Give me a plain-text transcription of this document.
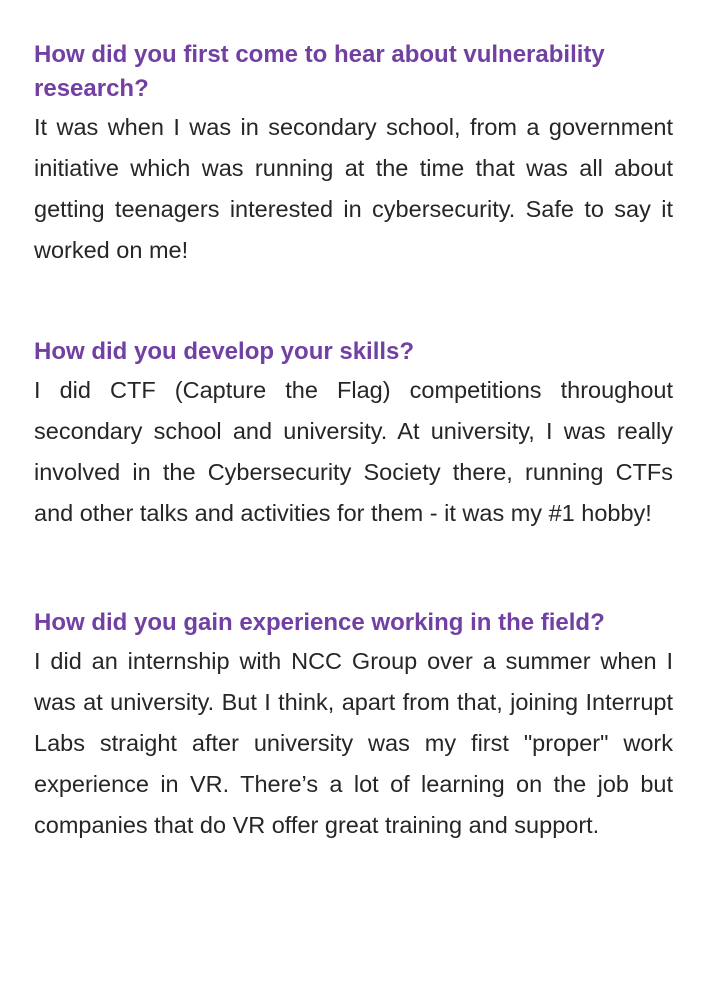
How did you first come to hear about vulnerability research?

It was when I was in secondary school, from a government initiative which was running at the time that was all about getting teenagers interested in cybersecurity. Safe to say it worked on me!

How did you develop your skills?

I did CTF (Capture the Flag) competitions throughout secondary school and university. At university, I was really involved in the Cybersecurity Society there, running CTFs and other talks and activities for them - it was my #1 hobby!

How did you gain experience working in the field?

I did an internship with NCC Group over a summer when I was at university. But I think, apart from that, joining Interrupt Labs straight after university was my first "proper" work experience in VR. There’s a lot of learning on the job but companies that do VR offer great training and support.
